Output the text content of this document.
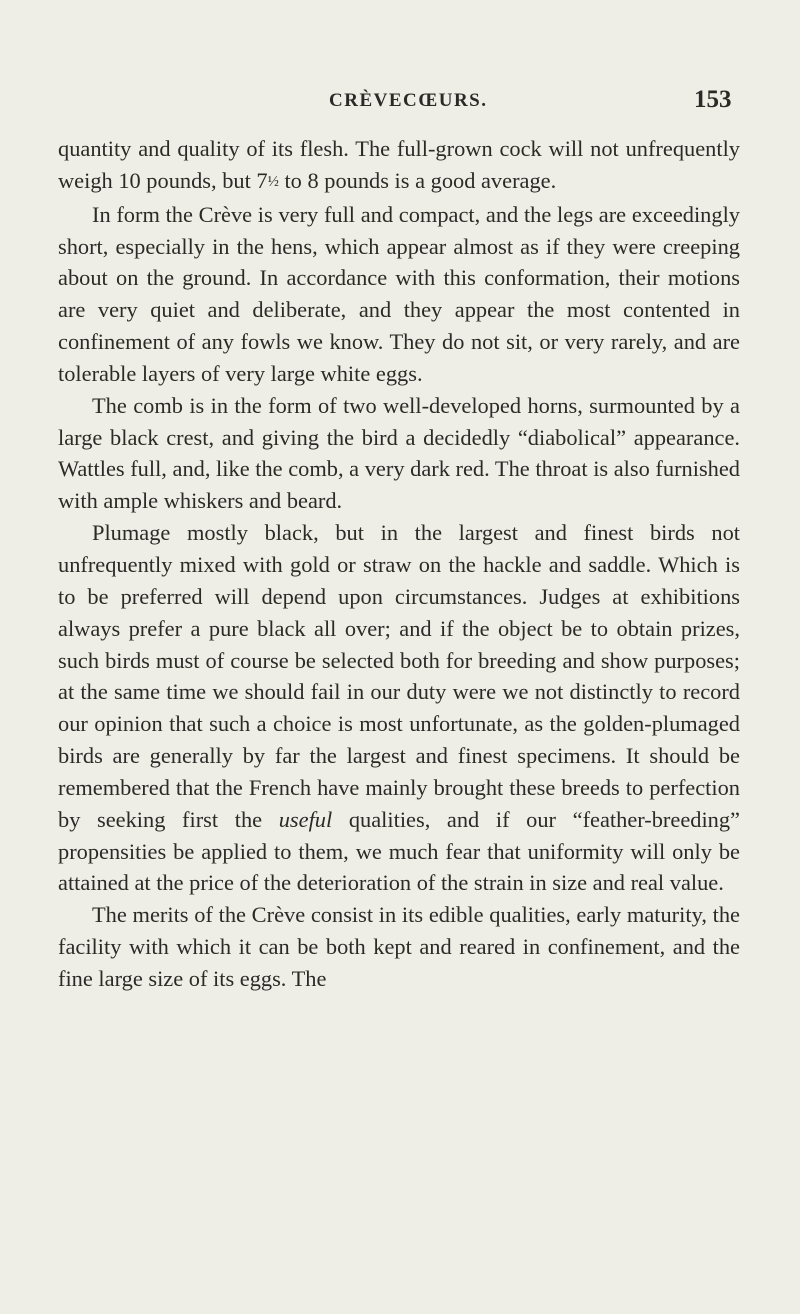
CRÈVECŒURS.	153

quantity and quality of its flesh. The full-grown cock will not unfrequently weigh 10 pounds, but 7½ to 8 pounds is a good average.

In form the Crève is very full and compact, and the legs are exceedingly short, especially in the hens, which appear almost as if they were creeping about on the ground. In accordance with this conformation, their motions are very quiet and deliberate, and they appear the most contented in confinement of any fowls we know. They do not sit, or very rarely, and are tolerable layers of very large white eggs.

The comb is in the form of two well-developed horns, surmounted by a large black crest, and giving the bird a decidedly “diabolical” appearance. Wattles full, and, like the comb, a very dark red. The throat is also furnished with ample whiskers and beard.

Plumage mostly black, but in the largest and finest birds not unfrequently mixed with gold or straw on the hackle and saddle. Which is to be preferred will depend upon circumstances. Judges at exhibitions always prefer a pure black all over; and if the object be to obtain prizes, such birds must of course be selected both for breeding and show purposes; at the same time we should fail in our duty were we not distinctly to record our opinion that such a choice is most unfortunate, as the golden-plumaged birds are generally by far the largest and finest specimens. It should be remembered that the French have mainly brought these breeds to perfection by seeking first the useful qualities, and if our “feather-breeding” propensities be applied to them, we much fear that uniformity will only be attained at the price of the deterioration of the strain in size and real value.

The merits of the Crève consist in its edible qualities, early maturity, the facility with which it can be both kept and reared in confinement, and the fine large size of its eggs. The
